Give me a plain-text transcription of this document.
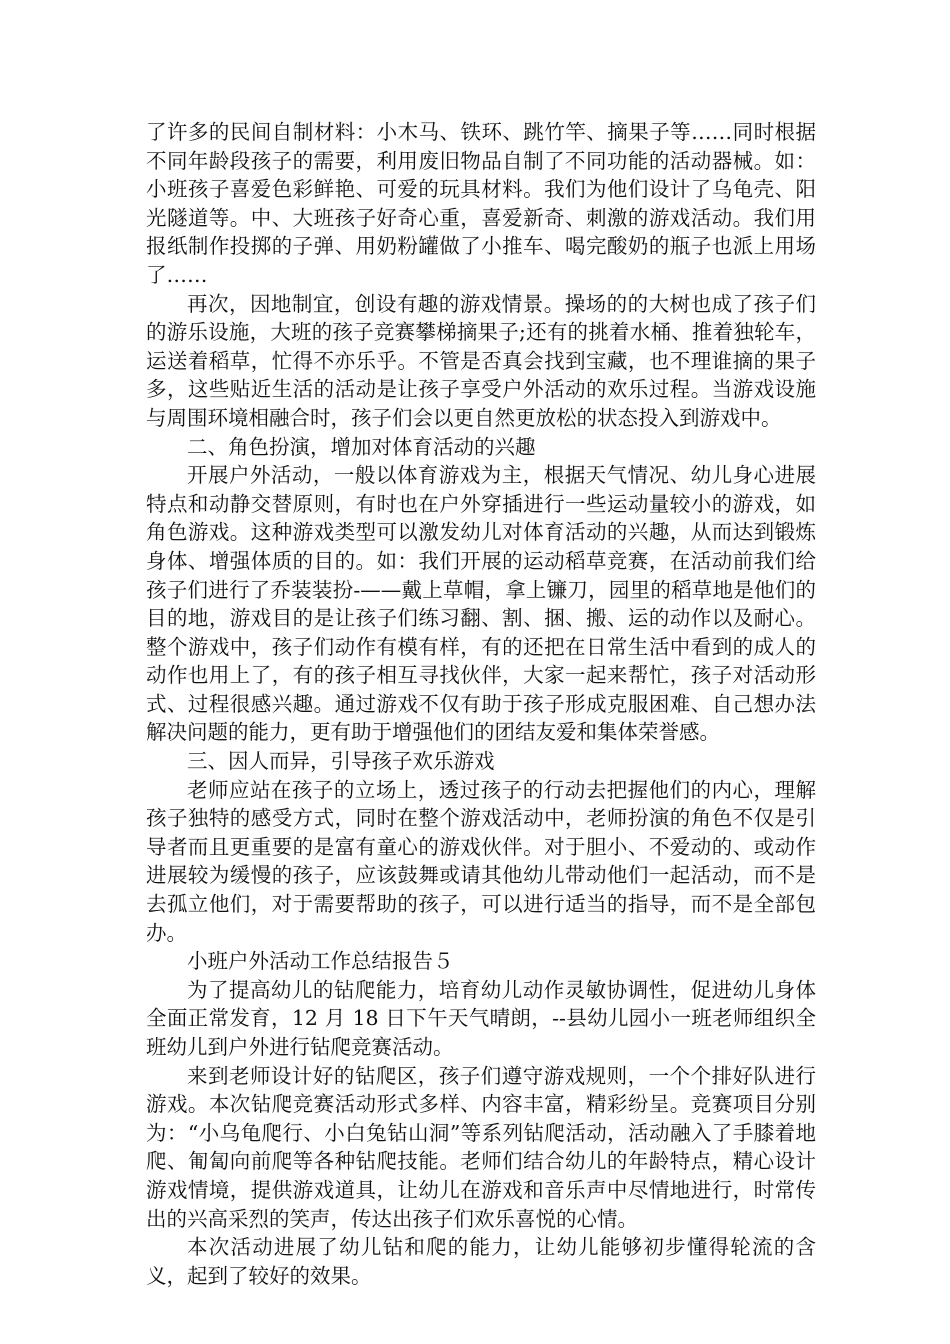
了许多的民间自制材料：小木马、铁环、跳竹竿、摘果子等……同时根据不同年龄段孩子的需要，利用废旧物品自制了不同功能的活动器械。如：小班孩子喜爱色彩鲜艳、可爱的玩具材料。我们为他们设计了乌龟壳、阳光隧道等。中、大班孩子好奇心重，喜爱新奇、刺激的游戏活动。我们用报纸制作投掷的子弹、用奶粉罐做了小推车、喝完酸奶的瓶子也派上用场了……

再次，因地制宜，创设有趣的游戏情景。操场的的大树也成了孩子们的游乐设施，大班的孩子竞赛攀梯摘果子;还有的挑着水桶、推着独轮车，运送着稻草，忙得不亦乐乎。不管是否真会找到宝藏，也不理谁摘的果子多，这些贴近生活的活动是让孩子享受户外活动的欢乐过程。当游戏设施与周围环境相融合时，孩子们会以更自然更放松的状态投入到游戏中。

二、角色扮演，增加对体育活动的兴趣

开展户外活动，一般以体育游戏为主，根据天气情况、幼儿身心进展特点和动静交替原则，有时也在户外穿插进行一些运动量较小的游戏，如角色游戏。这种游戏类型可以激发幼儿对体育活动的兴趣，从而达到锻炼身体、增强体质的目的。如：我们开展的运动稻草竞赛，在活动前我们给孩子们进行了乔装装扮-——戴上草帽，拿上镰刀，园里的稻草地是他们的目的地，游戏目的是让孩子们练习翻、割、捆、搬、运的动作以及耐心。整个游戏中，孩子们动作有模有样，有的还把在日常生活中看到的成人的动作也用上了，有的孩子相互寻找伙伴，大家一起来帮忙，孩子对活动形式、过程很感兴趣。通过游戏不仅有助于孩子形成克服困难、自己想办法解决问题的能力，更有助于增强他们的团结友爱和集体荣誉感。

三、因人而异，引导孩子欢乐游戏

老师应站在孩子的立场上，透过孩子的行动去把握他们的内心，理解孩子独特的感受方式，同时在整个游戏活动中，老师扮演的角色不仅是引导者而且更重要的是富有童心的游戏伙伴。对于胆小、不爱动的、或动作进展较为缓慢的孩子，应该鼓舞或请其他幼儿带动他们一起活动，而不是去孤立他们，对于需要帮助的孩子，可以进行适当的指导，而不是全部包办。

小班户外活动工作总结报告５

为了提高幼儿的钻爬能力，培育幼儿动作灵敏协调性，促进幼儿身体全面正常发育，12 月 18 日下午天气晴朗，--县幼儿园小一班老师组织全班幼儿到户外进行钻爬竞赛活动。

来到老师设计好的钻爬区，孩子们遵守游戏规则，一个个排好队进行游戏。本次钻爬竞赛活动形式多样、内容丰富，精彩纷呈。竞赛项目分别为：“小乌龟爬行、小白兔钻山洞”等系列钻爬活动，活动融入了手膝着地爬、匍匐向前爬等各种钻爬技能。老师们结合幼儿的年龄特点，精心设计游戏情境，提供游戏道具，让幼儿在游戏和音乐声中尽情地进行，时常传出的兴高采烈的笑声，传达出孩子们欢乐喜悦的心情。

本次活动进展了幼儿钻和爬的能力，让幼儿能够初步懂得轮流的含义，起到了较好的效果。
